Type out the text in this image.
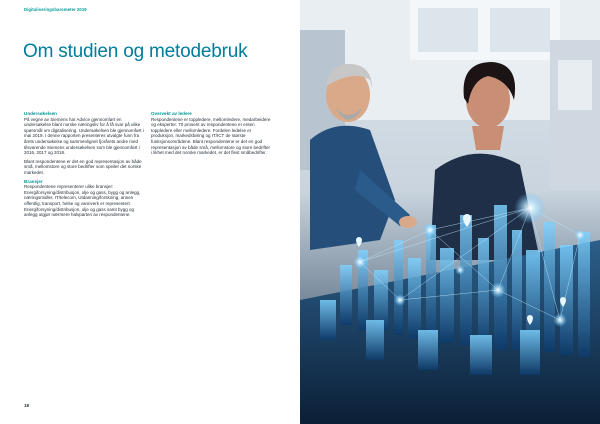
Digitaliseringsbarometer 2019
Om studien og metodebruk

Undersøkelsen

På vegne av Siemens har Advice gjennomført en undersøkelse blant norske næringsliv for å få svar på ulike spørsmål om digitalisering. Undersøkelsen ble gjennomført i mai 2019. I denne rapporten presenteres utvalgte funn fra årets undersøkelse og sammenlignet fjorårets andre med tilsvarende Siemens undersøkelsen som ble gjennomført i 2016, 2017 og 2018.

Blant respondentene er det en god representasjon av både små, mellomstore og store bedrifter som speiler det norske markedet.

Bransjer

Respondentene representerer ulike bransjer: Energiforsyning/distribusjon, olje og gass, bygg og anlegg, næringsmidler, IT/telecom, Utdanning/forskning, annen offentlig, transport, helse og vannverk er representert. Energiforsyning/distribusjon, olje og gass samt bygg og anlegg utgjør nærmere halvparten av respondentene.

Overvekt av ledere

Respondentene er toppledere, mellomledere, medarbeidere og eksperter. 70 prosent av respondentene er enten toppledere eller mellomledere. Fordelen ledelse er produksjon, markedsføring og IT/ICT de største funksjonsområdene. Blant respondentene er det en god representasjon av både små, mellomstore og store bedrifter i likhet med det norske markedet, er det flest småbedrifter.

18
